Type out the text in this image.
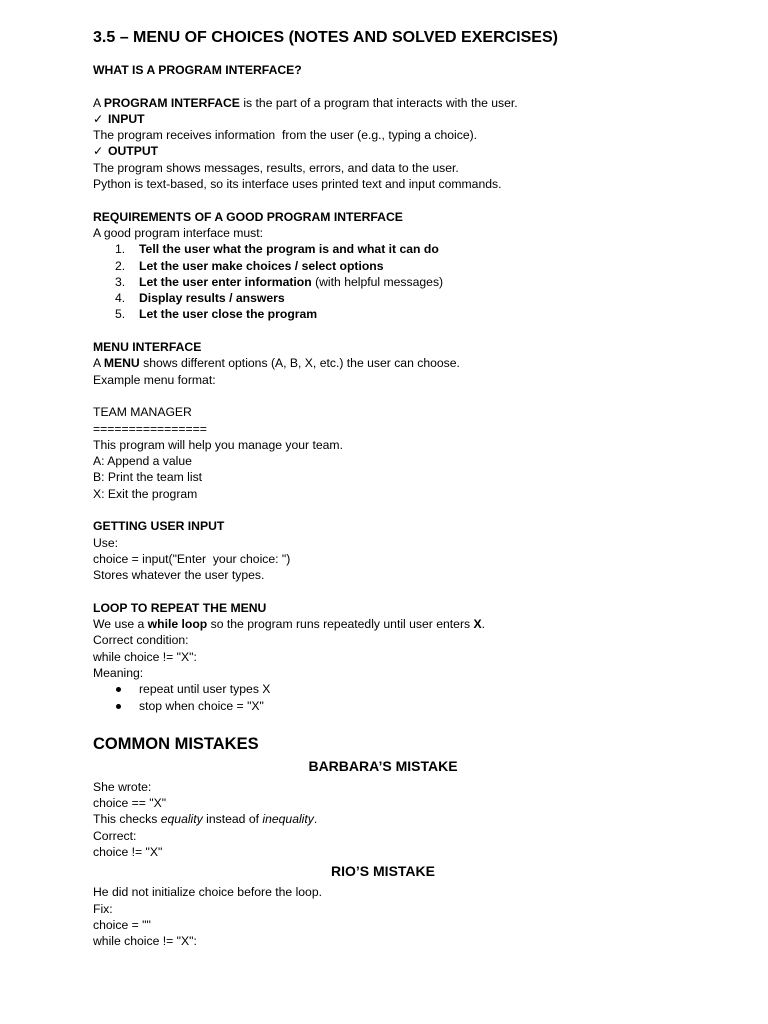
3.5 – MENU OF CHOICES (NOTES AND SOLVED EXERCISES)
WHAT IS A PROGRAM INTERFACE?

A PROGRAM INTERFACE is the part of a program that interacts with the user.

✓ INPUT

The program receives information  from the user (e.g., typing a choice).

✓ OUTPUT

The program shows messages, results, errors, and data to the user.

Python is text-based, so its interface uses printed text and input commands.

REQUIREMENTS OF A GOOD PROGRAM INTERFACE

A good program interface must:

1.	Tell the user what the program is and what it can do
2.	Let the user make choices / select options
3.	Let the user enter information (with helpful messages)
4.	Display results / answers
5.	Let the user close the program
MENU INTERFACE

A MENU shows different options (A, B, X, etc.) the user can choose.

Example menu format:

TEAM MANAGER

================

This program will help you manage your team.

A: Append a value

B: Print the team list

X: Exit the program

GETTING USER INPUT

Use:

choice = input("Enter  your choice: ")

Stores whatever the user types.

LOOP TO REPEAT THE MENU

We use a while loop so the program runs repeatedly until user enters X.

Correct condition:

while choice != "X":

Meaning:

repeat until user types X
stop when choice = "X"
COMMON MISTAKES
BARBARA’S MISTAKE

She wrote:

choice == "X"

This checks equality instead of inequality.

Correct:

choice != "X"

RIO’S MISTAKE

He did not initialize choice before the loop.

Fix:

choice = ""

while choice != "X":
